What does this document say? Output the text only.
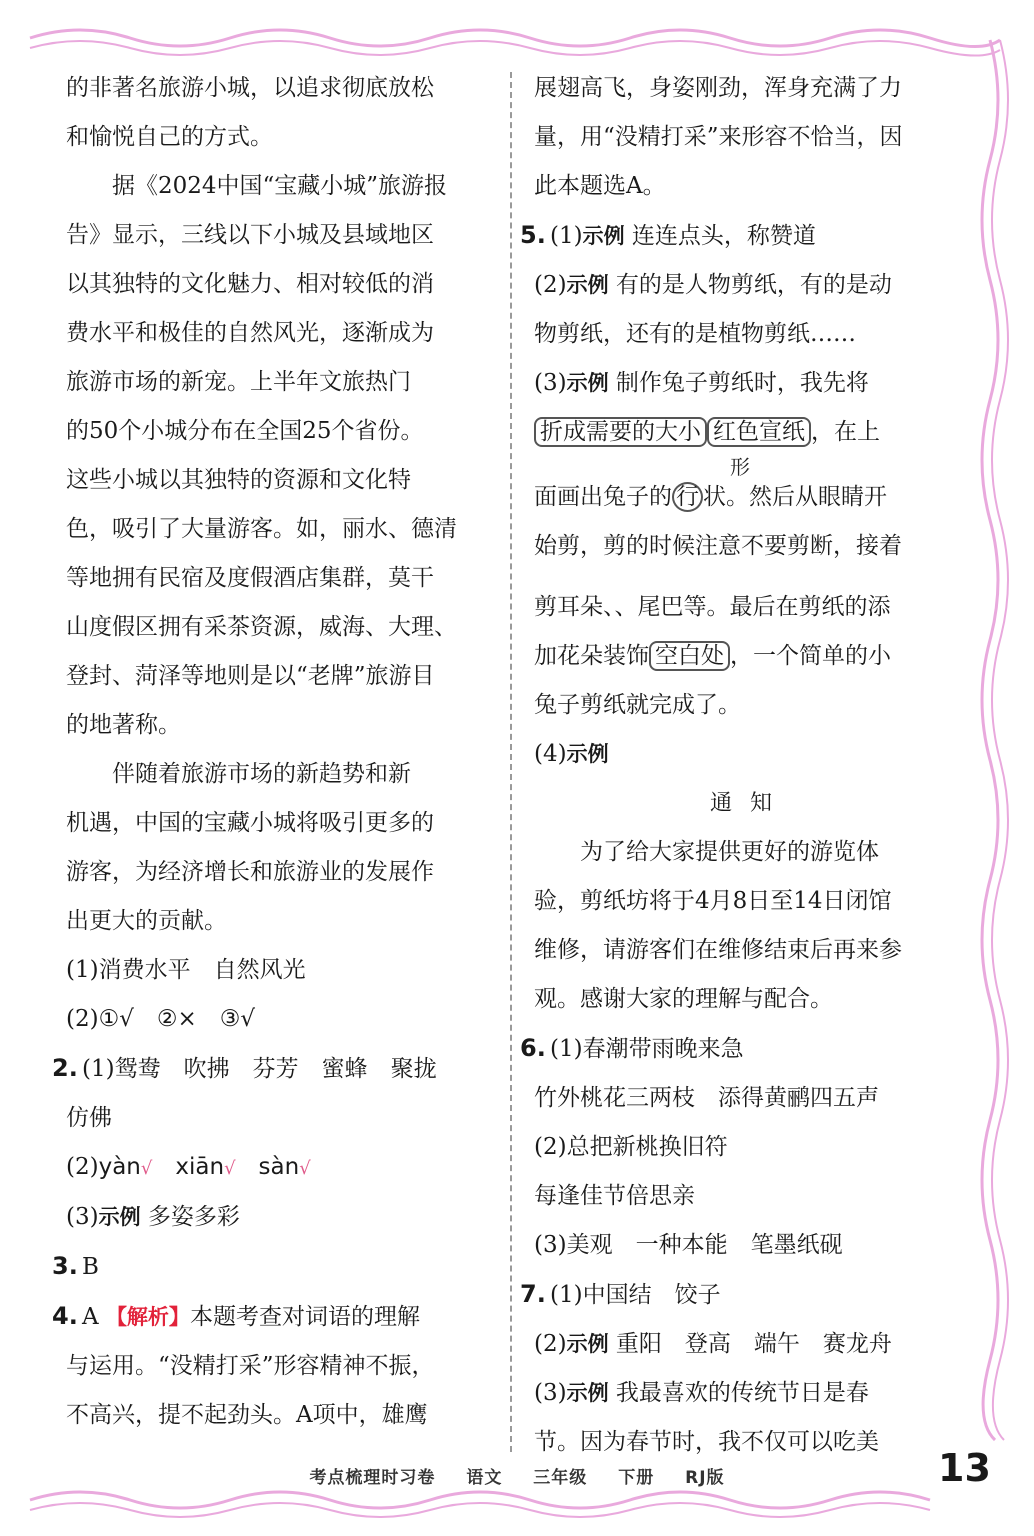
的非著名旅游小城，以追求彻底放松
和愉悦自己的方式。
据《2024中国“宝藏小城”旅游报
告》显示，三线以下小城及县域地区
以其独特的文化魅力、相对较低的消
费水平和极佳的自然风光，逐渐成为
旅游市场的新宠。上半年文旅热门
的50个小城分布在全国25个省份。
这些小城以其独特的资源和文化特
色，吸引了大量游客。如，丽水、德清
等地拥有民宿及度假酒店集群，莫干
山度假区拥有采茶资源，威海、大理、
登封、菏泽等地则是以“老牌”旅游目
的地著称。
伴随着旅游市场的新趋势和新
机遇，中国的宝藏小城将吸引更多的
游客，为经济增长和旅游业的发展作
出更大的贡献。
(1)消费水平　自然风光
(2)①√　②×　③√
2. (1)鸳鸯　吹拂　芬芳　蜜蜂　聚拢
仿佛
(2)yàn√　 xiān√　 sàn√
(3)示例 多姿多彩
3. B
4. A 【解析】本题考查对词语的理解
与运用。“没精打采”形容精神不振，
不高兴，提不起劲头。A项中，雄鹰
展翅高飞，身姿刚劲，浑身充满了力
量，用“没精打采”来形容不恰当，因
此本题选A。
5. (1)示例 连连点头，称赞道
(2)示例 有的是人物剪纸，有的是动
物剪纸，还有的是植物剪纸……
(3)示例 制作兔子剪纸时，我先将
折成需要的大小 红色宣纸 ，在上
形
面画出兔子的 行 状。然后从眼睛开
始剪，剪的时候注意不要剪断，接着
剪耳朵、、尾巴等。最后在剪纸的添
加花朵装饰 空白处 ，一个简单的小
兔子剪纸就完成了。
(4)示例
通知
为了给大家提供更好的游览体
验，剪纸坊将于4月8日至14日闭馆
维修，请游客们在维修结束后再来参
观。感谢大家的理解与配合。
6. (1)春潮带雨晚来急
竹外桃花三两枝　添得黄鹂四五声
(2)总把新桃换旧符
每逢佳节倍思亲
(3)美观　一种本能　笔墨纸砚
7. (1)中国结　饺子
(2)示例 重阳　登高　端午　赛龙舟
(3)示例 我最喜欢的传统节日是春
节。因为春节时，我不仅可以吃美
考点梳理时习卷 语文 三年级 下册 RJ版	13
